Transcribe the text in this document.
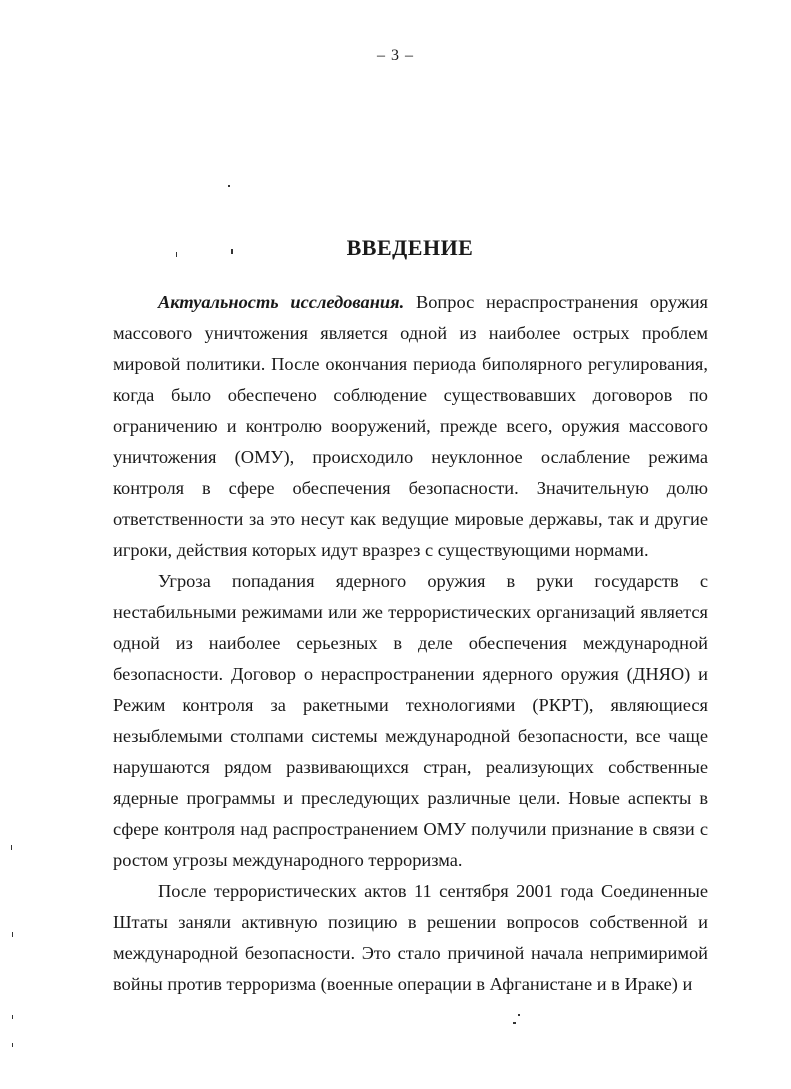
– 3 –
ВВЕДЕНИЕ

Актуальность исследования. Вопрос нераспространения оружия массового уничтожения является одной из наиболее острых проблем мировой политики. После окончания периода биполярного регулирования, когда было обеспечено соблюдение существовавших договоров по ограничению и контролю вооружений, прежде всего, оружия массового уничтожения (ОМУ), происходило неуклонное ослабление режима контроля в сфере обеспечения безопасности. Значительную долю ответственности за это несут как ведущие мировые державы, так и другие игроки, действия которых идут вразрез с существующими нормами.

Угроза попадания ядерного оружия в руки государств с нестабильными режимами или же террористических организаций является одной из наиболее серьезных в деле обеспечения международной безопасности. Договор о нераспространении ядерного оружия (ДНЯО) и Режим контроля за ракетными технологиями (РКРТ), являющиеся незыблемыми столпами системы международной безопасности, все чаще нарушаются рядом развивающихся стран, реализующих собственные ядерные программы и преследующих различные цели. Новые аспекты в сфере контроля над распространением ОМУ получили признание в связи с ростом угрозы международного терроризма.

После террористических актов 11 сентября 2001 года Соединенные Штаты заняли активную позицию в решении вопросов собственной и международной безопасности. Это стало причиной начала непримиримой войны против терроризма (военные операции в Афганистане и в Ираке) и
